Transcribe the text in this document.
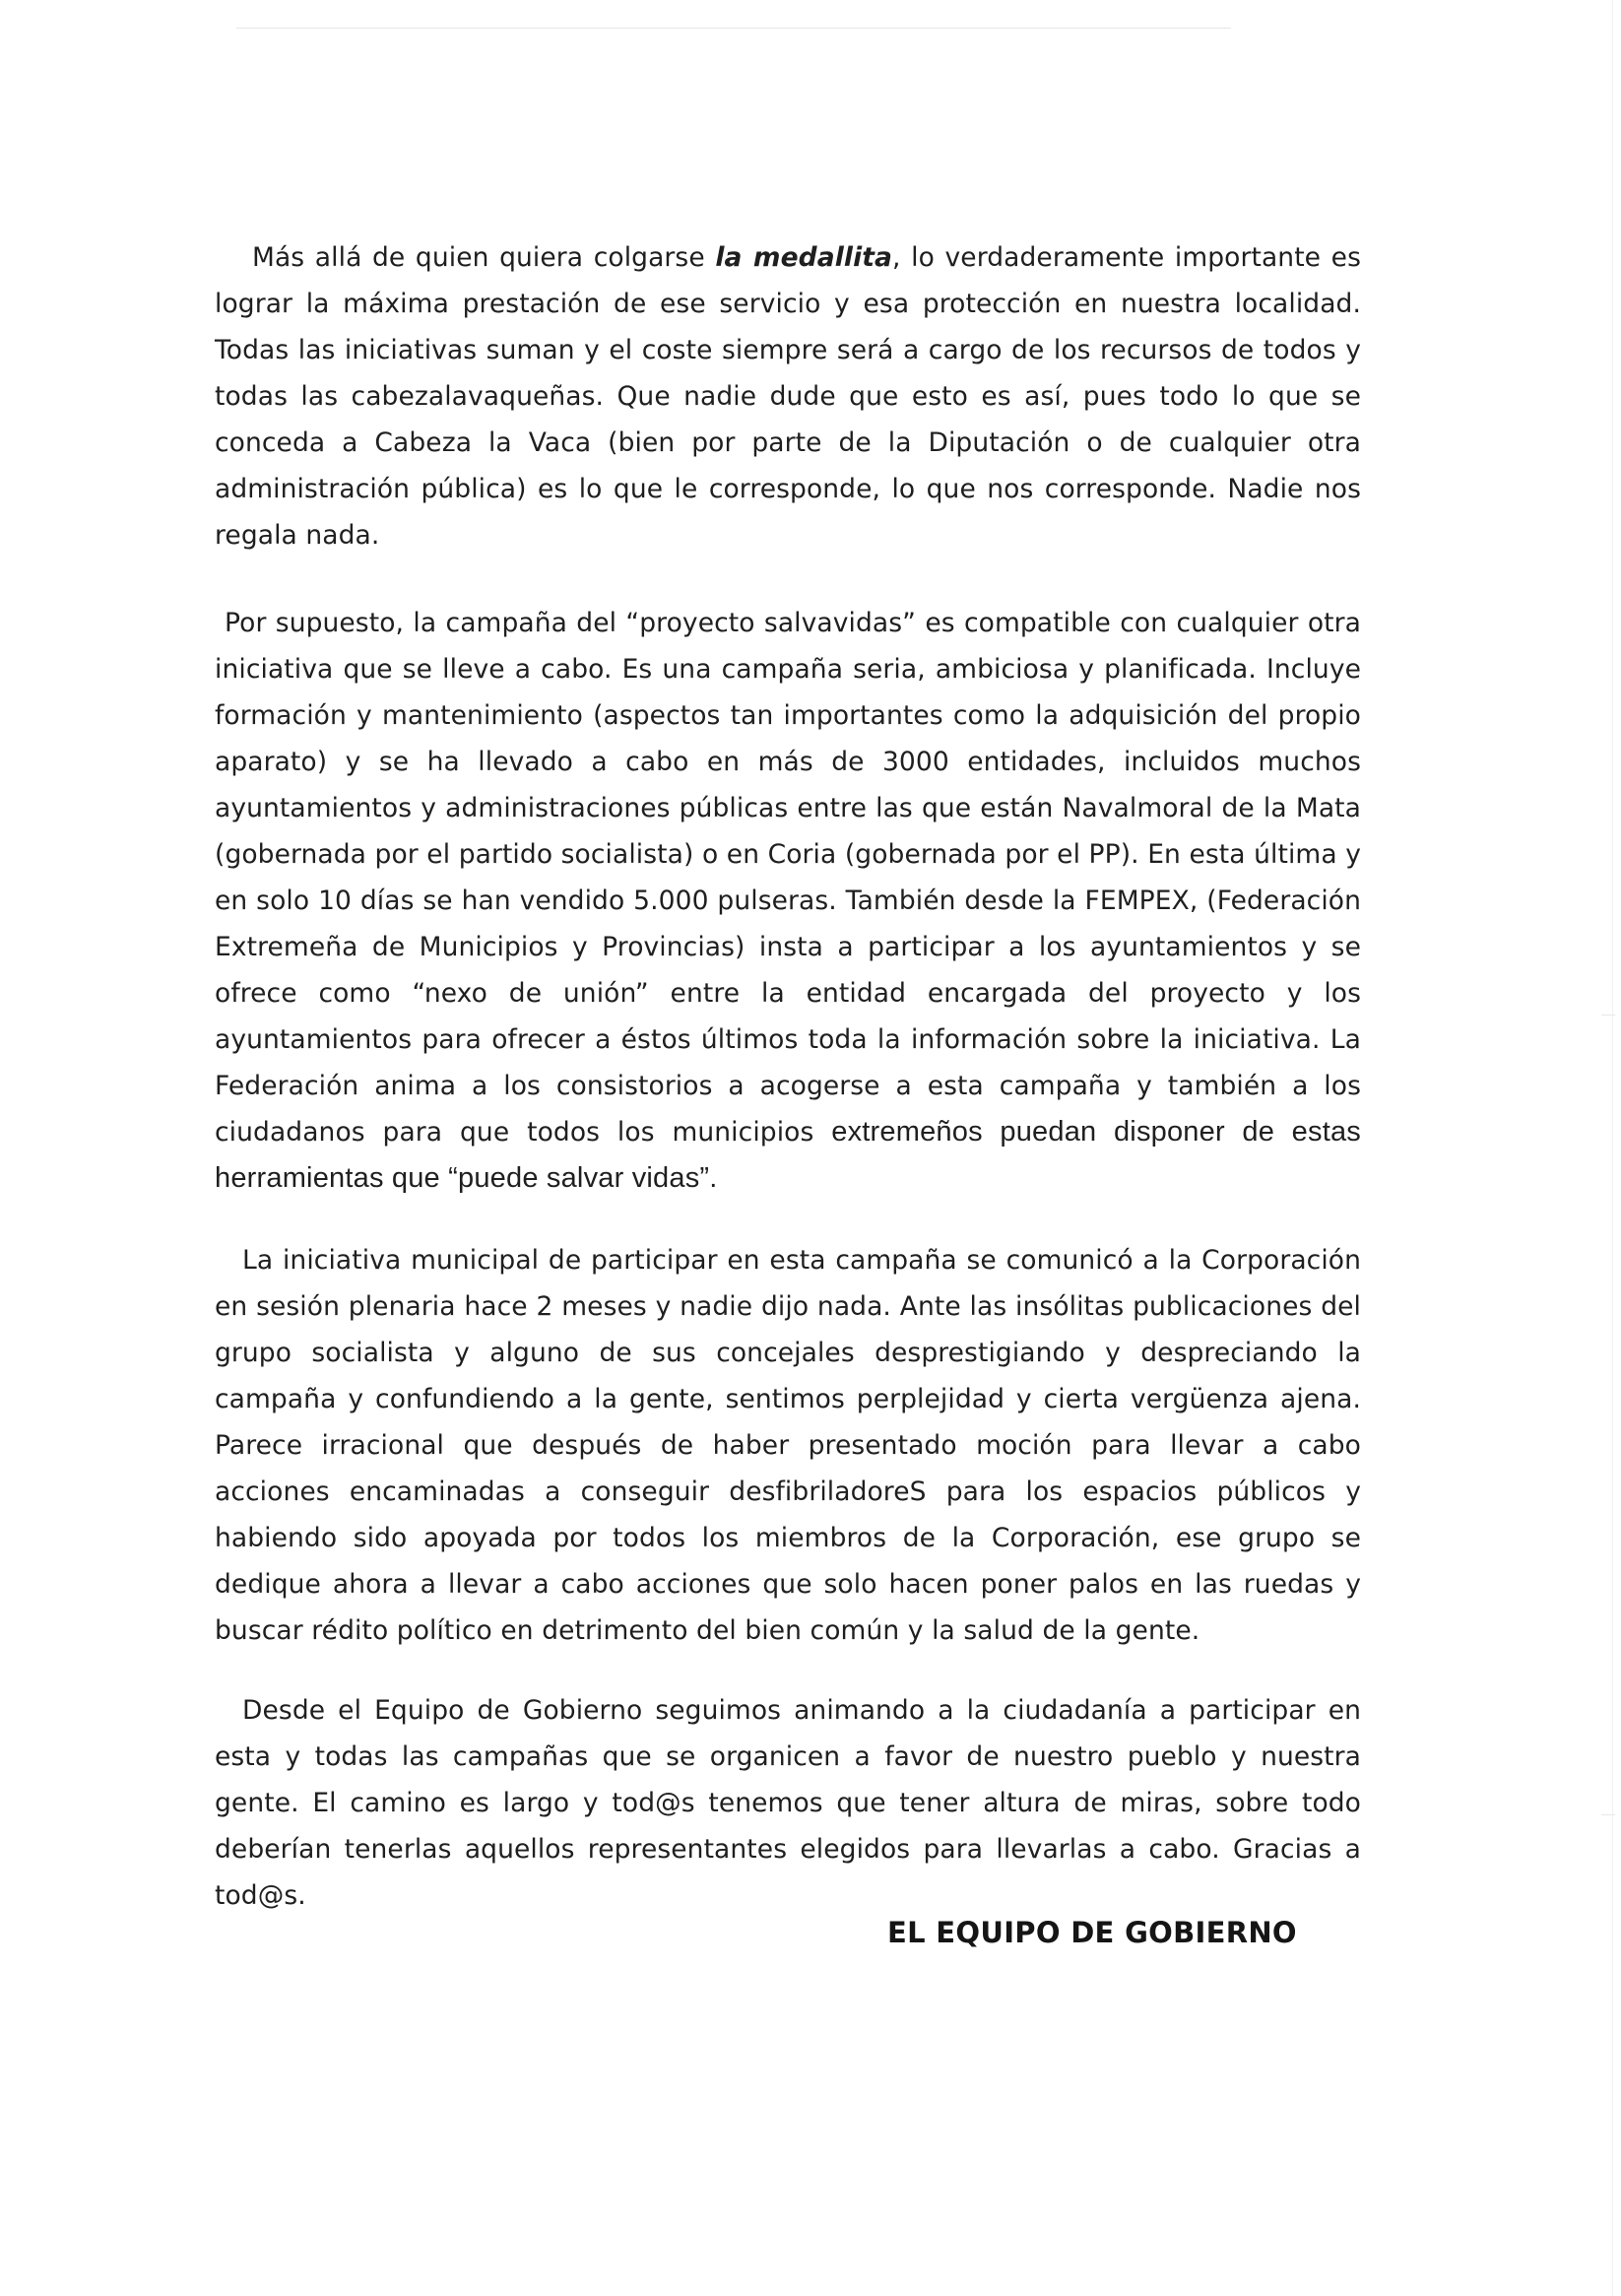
Más allá de quien quiera colgarse la medallita, lo verdaderamente importante es lograr la máxima prestación de ese servicio y esa protección en nuestra localidad. Todas las iniciativas suman y el coste siempre será a cargo de los recursos de todos y todas las cabezalavaqueñas. Que nadie dude que esto es así, pues todo lo que se conceda a Cabeza la Vaca (bien por parte de la Diputación o de cualquier otra administración pública) es lo que le corresponde, lo que nos corresponde. Nadie nos regala nada.

Por supuesto, la campaña del “proyecto salvavidas” es compatible con cualquier otra iniciativa que se lleve a cabo. Es una campaña seria, ambiciosa y planificada. Incluye formación y mantenimiento (aspectos tan importantes como la adquisición del propio aparato) y se ha llevado a cabo en más de 3000 entidades, incluidos muchos ayuntamientos y administraciones públicas entre las que están Navalmoral de la Mata (gobernada por el partido socialista) o en Coria (gobernada por el PP). En esta última y en solo 10 días se han vendido 5.000 pulseras. También desde la FEMPEX, (Federación Extremeña de Municipios y Provincias) insta a participar a los ayuntamientos y se ofrece como “nexo de unión” entre la entidad encargada del proyecto y los ayuntamientos para ofrecer a éstos últimos toda la información sobre la iniciativa. La Federación anima a los consistorios a acogerse a esta campaña y también a los ciudadanos para que todos los municipios extremeños puedan disponer de estas herramientas que “puede salvar vidas”.

La iniciativa municipal de participar en esta campaña se comunicó a la Corporación en sesión plenaria hace 2 meses y nadie dijo nada. Ante las insólitas publicaciones del grupo socialista y alguno de sus concejales desprestigiando y despreciando la campaña y confundiendo a la gente, sentimos perplejidad y cierta vergüenza ajena. Parece irracional que después de haber presentado moción para llevar a cabo acciones encaminadas a conseguir desfibriladoreS para los espacios públicos y habiendo sido apoyada por todos los miembros de la Corporación, ese grupo se dedique ahora a llevar a cabo acciones que solo hacen poner palos en las ruedas y buscar rédito político en detrimento del bien común y la salud de la gente.

Desde el Equipo de Gobierno seguimos animando a la ciudadanía a participar en esta y todas las campañas que se organicen a favor de nuestro pueblo y nuestra gente. El camino es largo y tod@s tenemos que tener altura de miras, sobre todo deberían tenerlas aquellos representantes elegidos para llevarlas a cabo. Gracias a tod@s.

EL EQUIPO DE GOBIERNO
